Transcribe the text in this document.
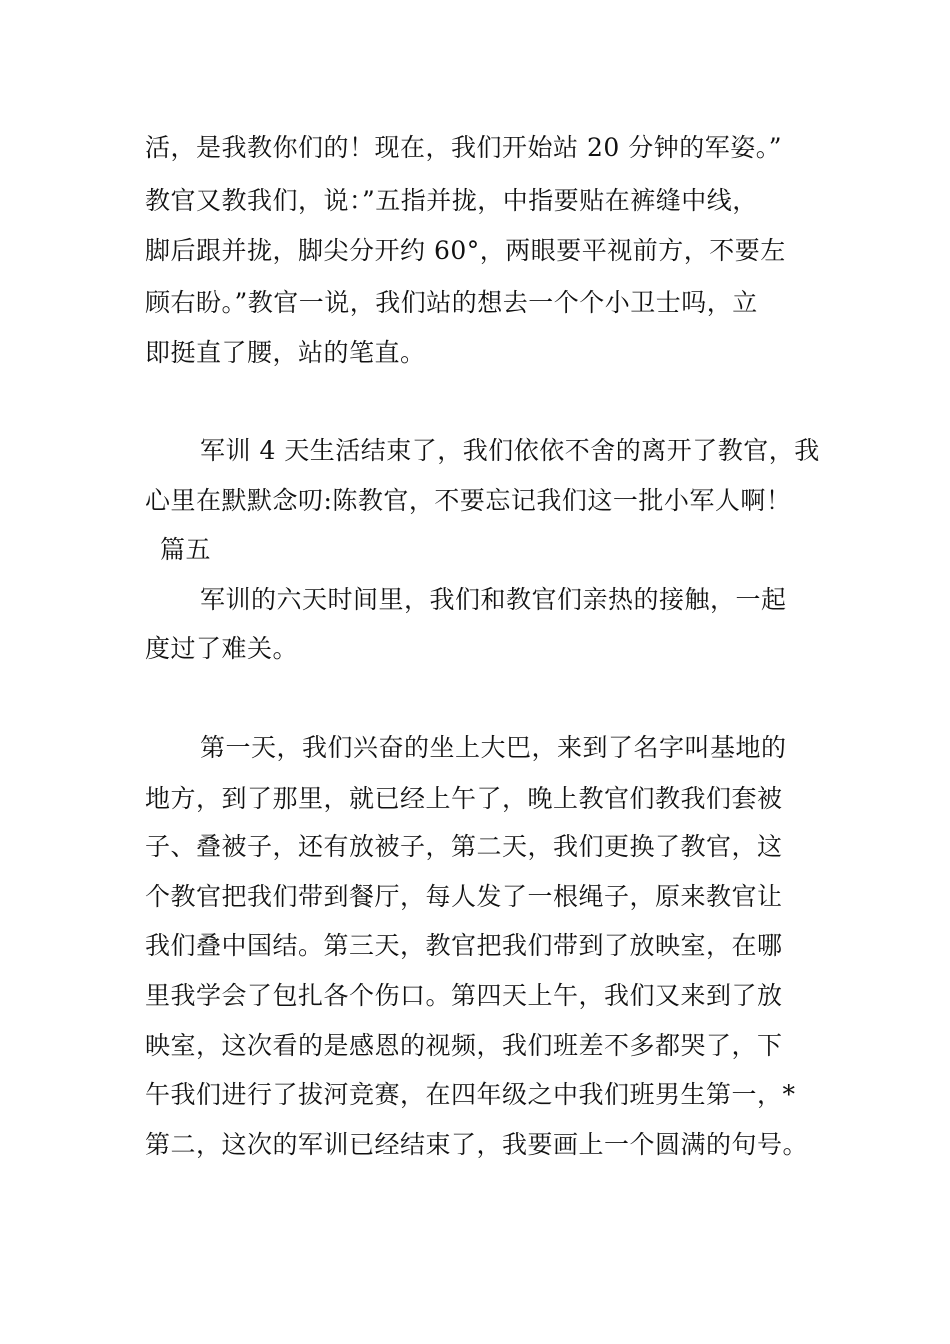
活，是我教你们的！现在，我们开始站 20 分钟的军姿。”
教官又教我们，说：”五指并拢，中指要贴在裤缝中线，
脚后跟并拢，脚尖分开约 60°，两眼要平视前方，不要左
顾右盼。”教官一说，我们站的想去一个个小卫士吗，立
即挺直了腰，站的笔直。
军训 4 天生活结束了，我们依依不舍的离开了教官，我
心里在默默念叨:陈教官，不要忘记我们这一批小军人啊！
篇五
军训的六天时间里，我们和教官们亲热的接触，一起
度过了难关。
第一天，我们兴奋的坐上大巴，来到了名字叫基地的
地方，到了那里，就已经上午了，晚上教官们教我们套被
子、叠被子，还有放被子，第二天，我们更换了教官，这
个教官把我们带到餐厅，每人发了一根绳子，原来教官让
我们叠中国结。第三天，教官把我们带到了放映室，在哪
里我学会了包扎各个伤口。第四天上午，我们又来到了放
映室，这次看的是感恩的视频，我们班差不多都哭了，下
午我们进行了拔河竞赛，在四年级之中我们班男生第一，*
第二，这次的军训已经结束了，我要画上一个圆满的句号。
